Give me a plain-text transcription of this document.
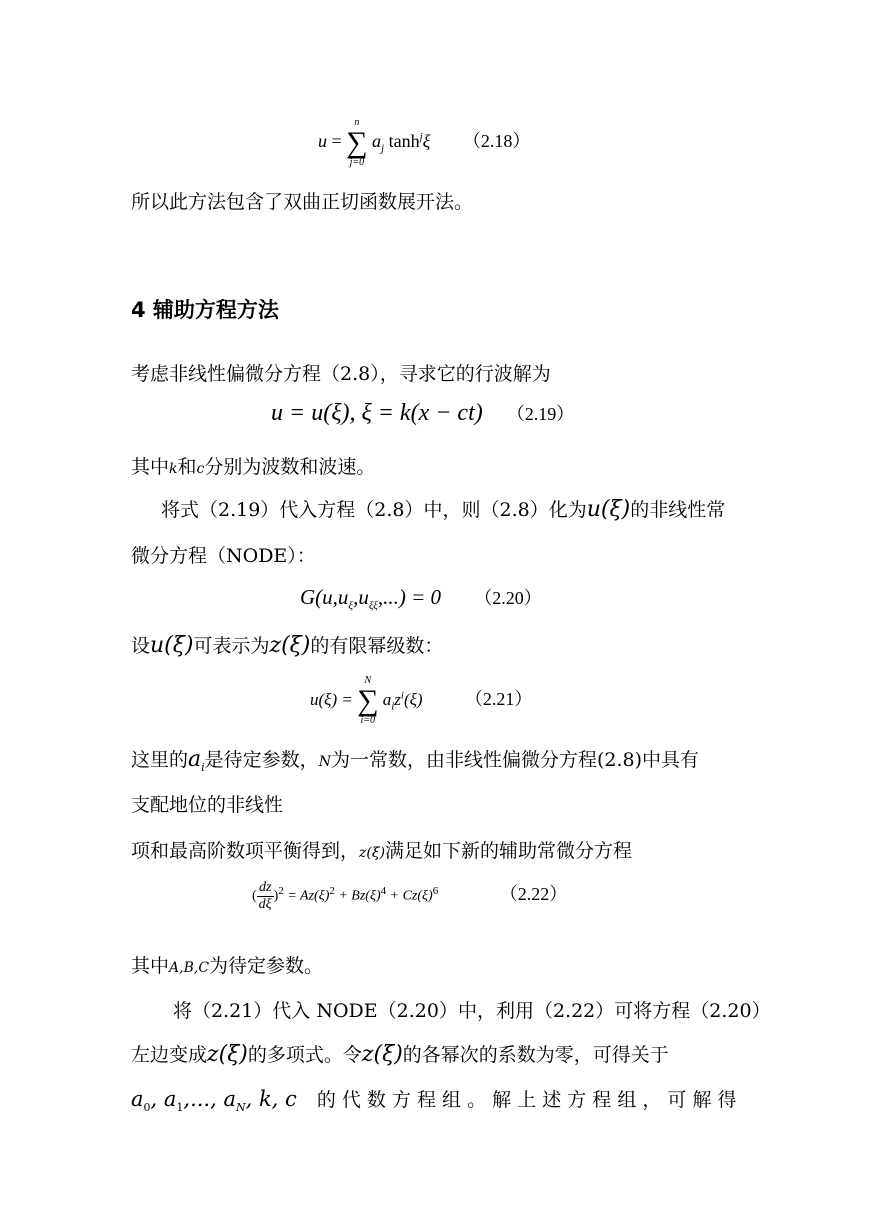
u =
n
∑
j=0
$a_j$ $\tanh^j\xi$ （2.18）
所以此方法包含了双曲正切函数展开法。
4 辅助方程方法
考虑非线性偏微分方程（2.8），寻求它的行波解为
u = u(ξ), ξ = k(x − ct) （2.19）
其中k和c分别为波数和波速。
将式（2.19）代入方程（2.8）中，则（2.8）化为u(ξ)的非线性常
微分方程（NODE）：
$G(u,u_\xi,u_{\xi\xi},...) = 0$ （2.20）
设u(ξ)可表示为z(ξ)的有限幂级数：
u(ξ) =
N
∑
i=0
$a_iz^i(\xi)$ （2.21）
这里的$a_i$是待定参数，N为一常数，由非线性偏微分方程(2.8)中具有
支配地位的非线性
项和最高阶数项平衡得到，z(ξ)满足如下新的辅助常微分方程
( $\frac{dz}{d\xi} )^2 = Az(\xi)^2 + Bz(\xi)^4 + Cz(\xi)^6$	（2.22）
其中A,B,C为待定参数。
将（2.21）代入 NODE（2.20）中，利用（2.22）可将方程（2.20）
左边变成z(ξ)的多项式。令z(ξ)的各幂次的系数为零，可得关于
$a_0$, $a_1$,..., $a_N$, k, c 的 代 数 方 程 组 。 解 上 述 方 程 组 ， 可 解 得
